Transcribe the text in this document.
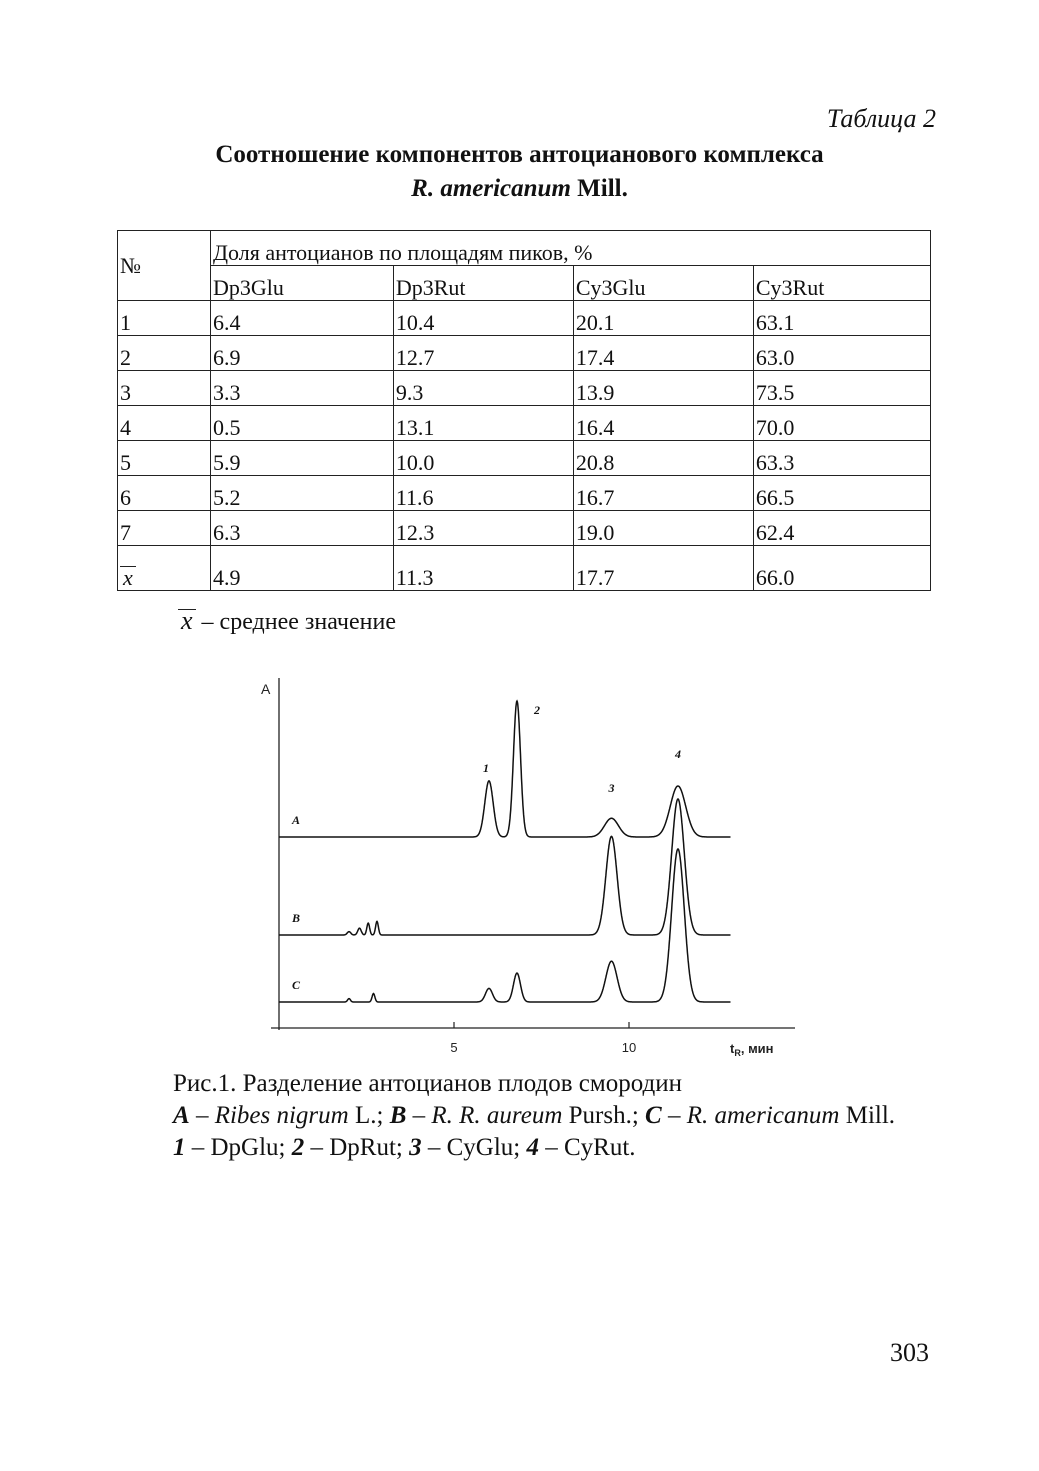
Таблица 2
Соотношение компонентов антоцианового комплекса
R. americanum Mill.
№	Доля антоцианов по площадям пиков, %			
	Dp3Glu	Dp3Rut	Cy3Glu	Cy3Rut
1	6.4	10.4	20.1	63.1
2	6.9	12.7	17.4	63.0
3	3.3	9.3	13.9	73.5
4	0.5	13.1	16.4	70.0
5	5.9	10.0	20.8	63.3
6	5.2	11.6	16.7	66.5
7	6.3	12.3	19.0	62.4
x	4.9	11.3	17.7	66.0
x – среднее значение
5	10
A
$t_R$, мин
A
B
C
1
2
3
4

Рис.1. Разделение антоцианов плодов смородин

A – Ribes nigrum L.; B – R. R. aureum Pursh.; C – R. americanum Mill.

1 – DpGlu; 2 – DpRut; 3 – CyGlu; 4 – CyRut.

303
